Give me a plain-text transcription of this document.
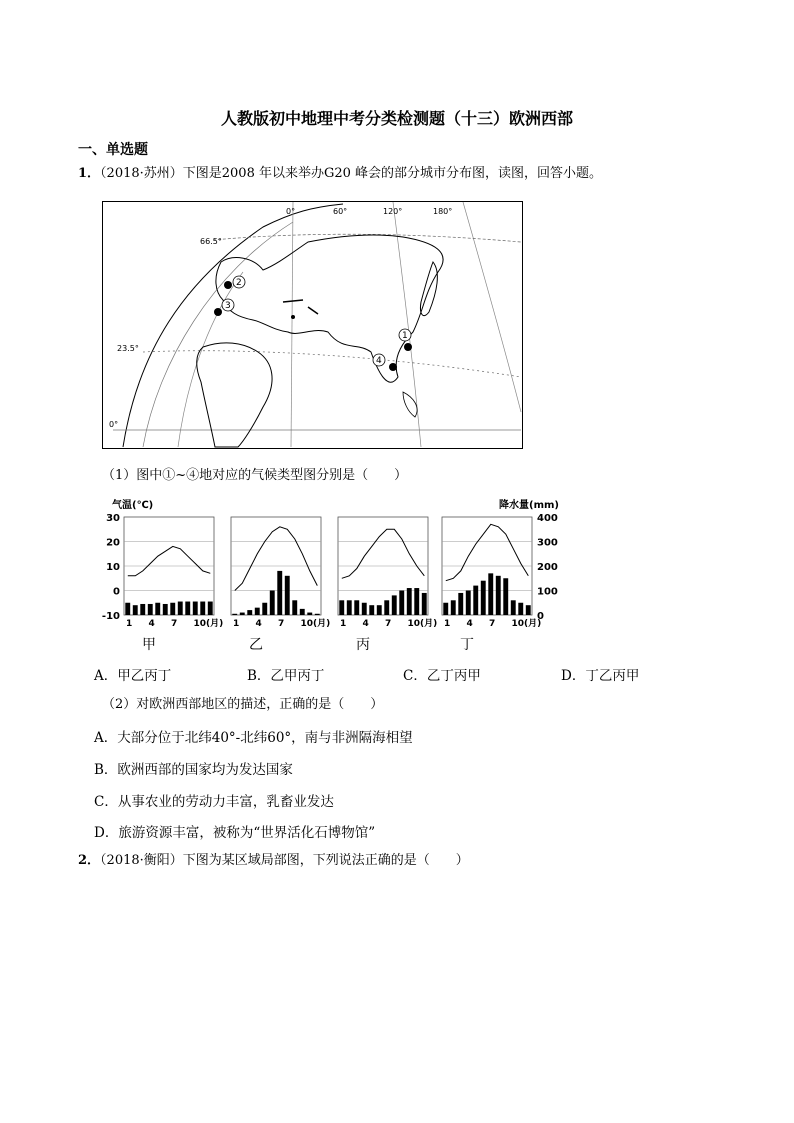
人教版初中地理中考分类检测题（十三）欧洲西部
一、单选题
1．（2018·苏州）下图是2008 年以来举办G20 峰会的部分城市分布图，读图，回答小题。
2
3
1
4
66.5°
23.5°
0°
0°	60°	120°	180°
（1）图中①~④地对应的气候类型图分别是（　　）
气温(℃)	降水量(mm)
30
20
10
0
-10
400
300
200
100
0
1 4 7 10(月)
甲
1 4 7 10(月)
乙
1 4 7 10(月)
丙
1 4 7 10(月)
丁
A．甲乙丙丁	B．乙甲丙丁	C．乙丁丙甲	D．丁乙丙甲
（2）对欧洲西部地区的描述，正确的是（　　）
A．大部分位于北纬40°-北纬60°，南与非洲隔海相望
B．欧洲西部的国家均为发达国家
C．从事农业的劳动力丰富，乳畜业发达
D．旅游资源丰富，被称为“世界活化石博物馆”
2．（2018·衡阳）下图为某区域局部图，下列说法正确的是（　　）
